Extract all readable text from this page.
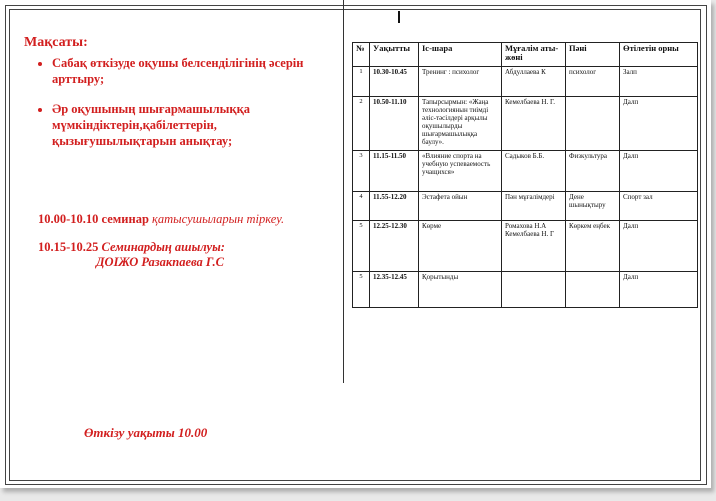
Мақсаты:
• Сабақ өткізуде оқушы белсенділігінің әсерін арттыру;
• Әр оқушының шығармашылыққа мүмкіндіктерін,қабілеттерін, қызығушылықтарын анықтау;
10.00-10.10 семинар қатысушыларын тіркеу.
10.15-10.25 Семинардың ашылуы:
ДОІЖО Разакпаева Г.С
Өткізу уақыты 10.00
№	Уақытты	Іс-шара	Мұғалім аты-жөні	Пәні	Өтілетін орны
1	10.30-10.45	Тренинг : психолог	Абдуллаева К	психолог	Залп
2	10.50-11.10	Тапырсырмын: «Жаңа технологиянын тиімді әліс-тәсілдері арқылы оқушылырды шығармашылыққа баулу».	Кемелбаева Н. Г.		Далп
3	11.15-11.50	«Влияние спорта на учебную успеваемость учащихся»	Садыков Б.Б.	Физкультура	Далп
4	11.55-12.20	Эстафета ойын	Пән мұғалімдері	Дене шынықтыру	Спорт зал
5	12.25-12.30	Көрме	Ромахова Н.А Кемелбаева Н. Г	Көркем еңбек	Далп
5	12.35-12.45	Қорытынды			Далп
